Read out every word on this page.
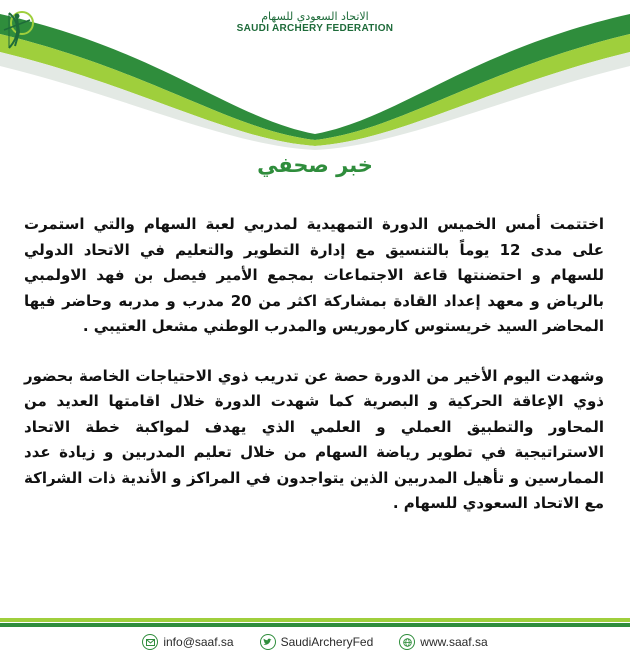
الاتحاد السعودي للسهام
SAUDI ARCHERY FEDERATION
خبر صحفي

اختتمت أمس الخميس الدورة التمهيدية لمدربي لعبة السهام والتي استمرت على مدى 12 يوماً بالتنسيق مع إدارة التطوير والتعليم في الاتحاد الدولي للسهام و احتضنتها قاعة الاجتماعات بمجمع الأمير فيصل بن فهد الاولمبي بالرياض و معهد إعداد القادة بمشاركة اكثر من 20 مدرب و مدربه وحاضر فيها المحاضر السيد خريستوس كارموريس والمدرب الوطني مشعل العتيبي .

وشهدت اليوم الأخير من الدورة حصة عن تدريب ذوي الاحتياجات الخاصة بحضور ذوي الإعاقة الحركية و البصرية كما شهدت الدورة خلال اقامتها العديد من المحاور والتطبيق العملي و العلمي الذي يهدف لمواكبة خطة الاتحاد الاستراتيجية في تطوير رياضة السهام من خلال تعليم المدربين و زيادة عدد الممارسين و تأهيل المدربين الذين يتواجدون في المراكز و الأندية ذات الشراكة مع الاتحاد السعودي للسهام .

info@saaf.sa	SaudiArcheryFed	www.saaf.sa
